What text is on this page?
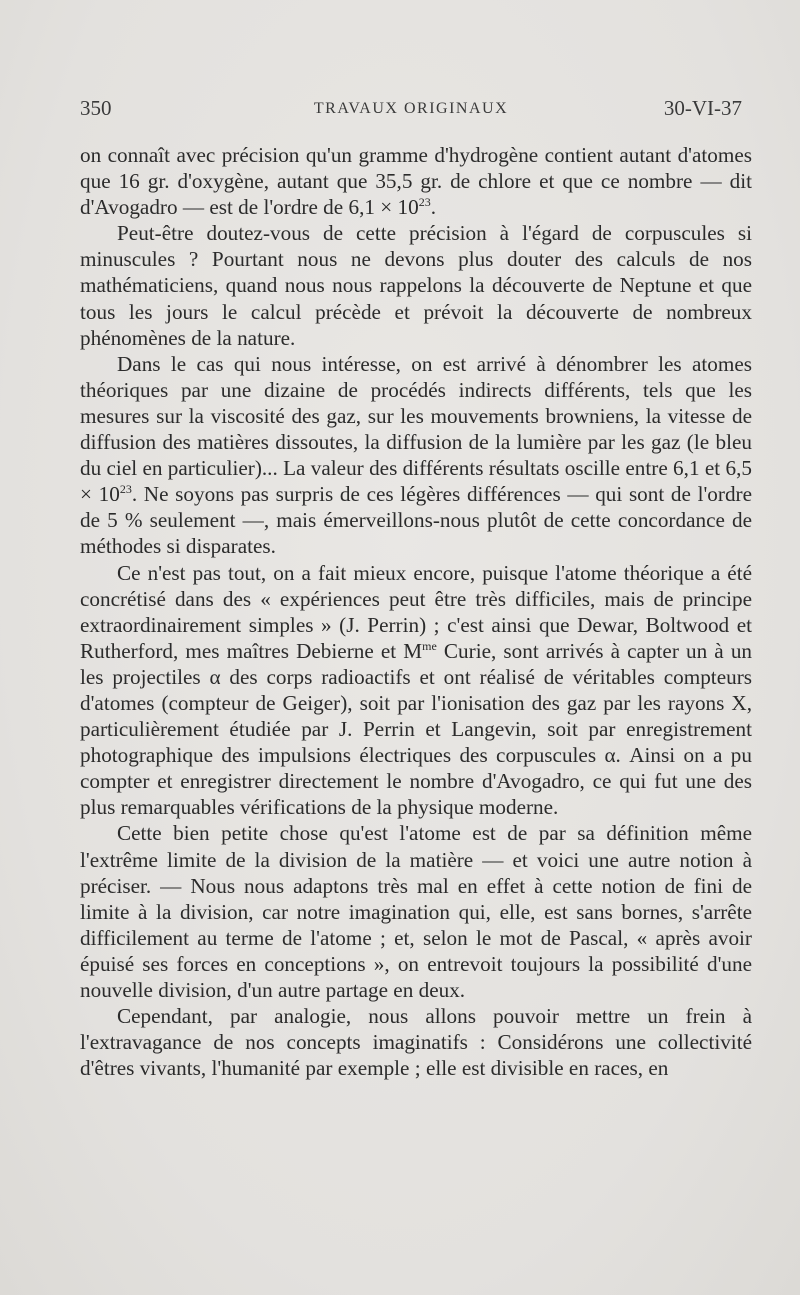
350	TRAVAUX ORIGINAUX	30-VI-37

on connaît avec précision qu'un gramme d'hydrogène contient autant d'atomes que 16 gr. d'oxygène, autant que 35,5 gr. de chlore et que ce nombre — dit d'Avogadro — est de l'ordre de $6,1 \times 10^{23}$.

Peut-être doutez-vous de cette précision à l'égard de corpuscules si minuscules ? Pourtant nous ne devons plus douter des calculs de nos mathématiciens, quand nous nous rappelons la découverte de Neptune et que tous les jours le calcul précède et prévoit la découverte de nombreux phénomènes de la nature.

Dans le cas qui nous intéresse, on est arrivé à dénombrer les atomes théoriques par une dizaine de procédés indirects différents, tels que les mesures sur la viscosité des gaz, sur les mouvements browniens, la vitesse de diffusion des matières dissoutes, la diffusion de la lumière par les gaz (le bleu du ciel en particulier)... La valeur des différents résultats oscille entre 6,1 et $6,5 \times 10^{23}$. Ne soyons pas surpris de ces légères différences — qui sont de l'ordre de 5 % seulement —, mais émerveillons-nous plutôt de cette concordance de méthodes si disparates.

Ce n'est pas tout, on a fait mieux encore, puisque l'atome théorique a été concrétisé dans des « expériences peut être très difficiles, mais de principe extraordinairement simples » (J. Perrin) ; c'est ainsi que Dewar, Boltwood et Rutherford, mes maîtres Debierne et $M^{me}$ Curie, sont arrivés à capter un à un les projectiles α des corps radioactifs et ont réalisé de véritables compteurs d'atomes (compteur de Geiger), soit par l'ionisation des gaz par les rayons X, particulièrement étudiée par J. Perrin et Langevin, soit par enregistrement photographique des impulsions électriques des corpuscules α. Ainsi on a pu compter et enregistrer directement le nombre d'Avogadro, ce qui fut une des plus remarquables vérifications de la physique moderne.

Cette bien petite chose qu'est l'atome est de par sa définition même l'extrême limite de la division de la matière — et voici une autre notion à préciser. — Nous nous adaptons très mal en effet à cette notion de fini de limite à la division, car notre imagination qui, elle, est sans bornes, s'arrête difficilement au terme de l'atome ; et, selon le mot de Pascal, « après avoir épuisé ses forces en conceptions », on entrevoit toujours la possibilité d'une nouvelle division, d'un autre partage en deux.

Cependant, par analogie, nous allons pouvoir mettre un frein à l'extravagance de nos concepts imaginatifs : Considérons une collectivité d'êtres vivants, l'humanité par exemple ; elle est divisible en races, en
